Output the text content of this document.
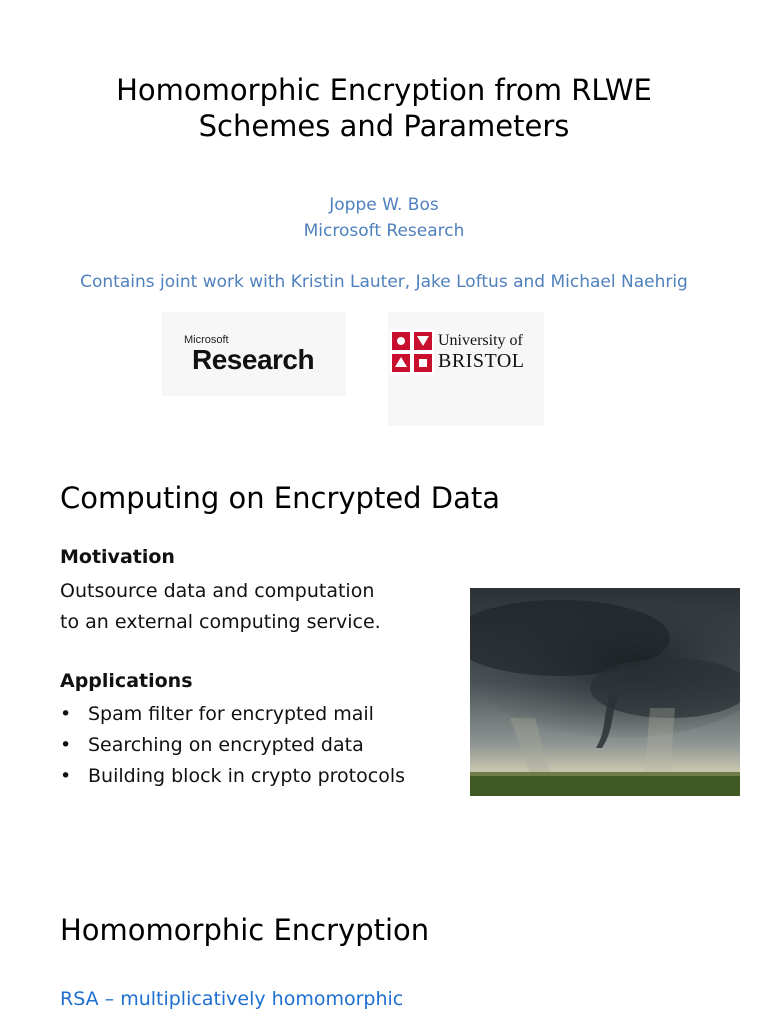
Homomorphic Encryption from RLWE
Schemes and Parameters
Joppe W. Bos
Microsoft Research
Contains joint work with Kristin Lauter, Jake Loftus and Michael Naehrig
Microsoft
Research
University of
BRISTOL
Computing on Encrypted Data
Motivation
Outsource data and computation
to an external computing service.
Applications
• Spam filter for encrypted mail
• Searching on encrypted data
• Building block in crypto protocols
Homomorphic Encryption
RSA – multiplicatively homomorphic
